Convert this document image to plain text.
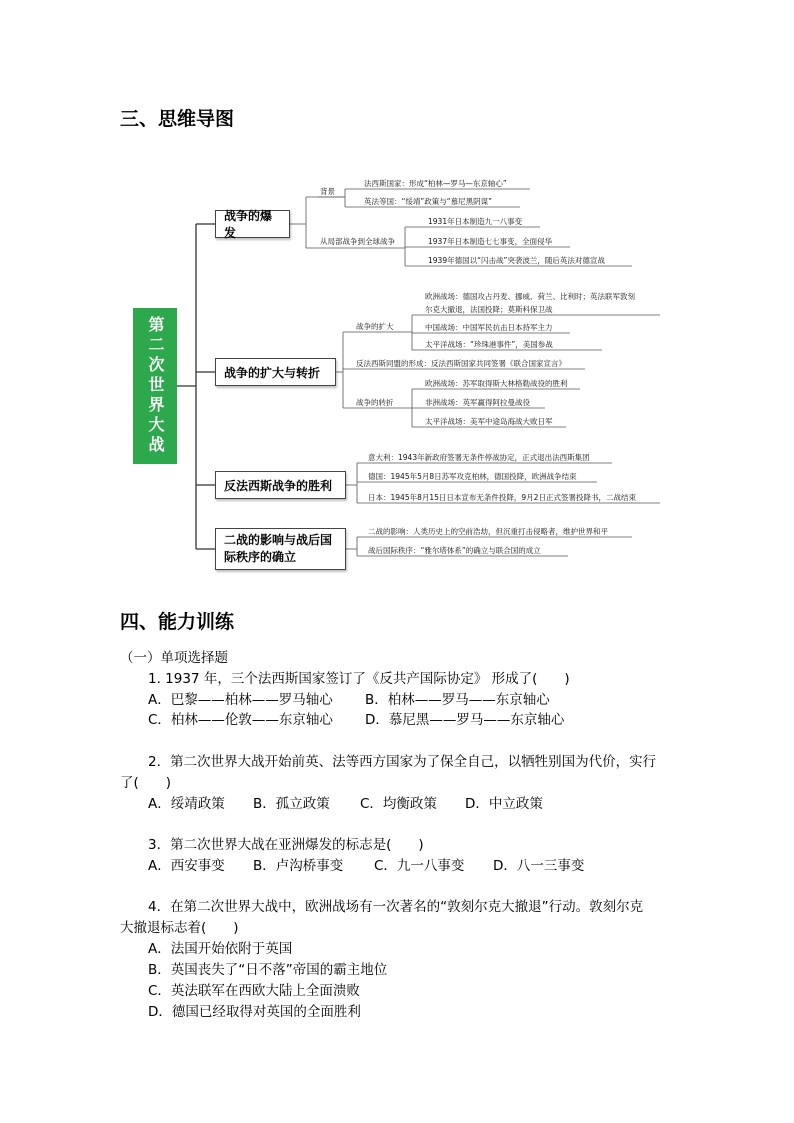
三、思维导图
第二次世界大战
战争的爆发
战争的扩大与转折
反法西斯战争的胜利
二战的影响与战后国
际秩序的确立
背景
法西斯国家：形成“柏林—罗马—东京轴心”
英法等国：“绥靖”政策与“慕尼黑阴谋”
从局部战争到全球战争
1931年日本制造九一八事变
1937年日本制造七七事变，全面侵华
1939年德国以“闪击战”突袭波兰，随后英法对德宣战
战争的扩大
欧洲战场：德国攻占丹麦、挪威、荷兰、比利时；英法联军敦刻
尔克大撤退，法国投降；莫斯科保卫战
中国战场：中国军民抗击日本持军主力
太平洋战场：“珍珠港事件”，美国参战
反法西斯同盟的形成：反法西斯国家共同签署《联合国家宣言》
战争的转折
欧洲战场：苏军取得斯大林格勒战役的胜利
非洲战场：英军赢得阿拉曼战役
太平洋战场：美军中途岛海战大败日军
意大利：1943年新政府签署无条件停战协定，正式退出法西斯集团
德国：1945年5月8日苏军攻克柏林，德国投降，欧洲战争结束
日本：1945年8月15日日本宣布无条件投降，9月2日正式签署投降书，二战结束
二战的影响：人类历史上的空前浩劫，但沉重打击侵略者，维护世界和平
战后国际秩序：“雅尔塔体系”的确立与联合国的成立
四、能力训练
（一）单项选择题
1. 1937 年，三个法西斯国家签订了《反共产国际协定》 形成了(　　)
A．巴黎——柏林——罗马轴心 B．柏林——罗马——东京轴心
C．柏林——伦敦——东京轴心 D．慕尼黑——罗马——东京轴心
2．第二次世界大战开始前英、法等西方国家为了保全自己，以牺牲别国为代价，实行
了(　　)
A．绥靖政策 B．孤立政策 C．均衡政策 D．中立政策
3．第二次世界大战在亚洲爆发的标志是(　　)
A．西安事变 B．卢沟桥事变 C．九一八事变 D．八一三事变
4．在第二次世界大战中，欧洲战场有一次著名的“敦刻尔克大撤退”行动。敦刻尔克
大撤退标志着(　　)
A．法国开始依附于英国
B．英国丧失了“日不落”帝国的霸主地位
C．英法联军在西欧大陆上全面溃败
D．德国已经取得对英国的全面胜利
